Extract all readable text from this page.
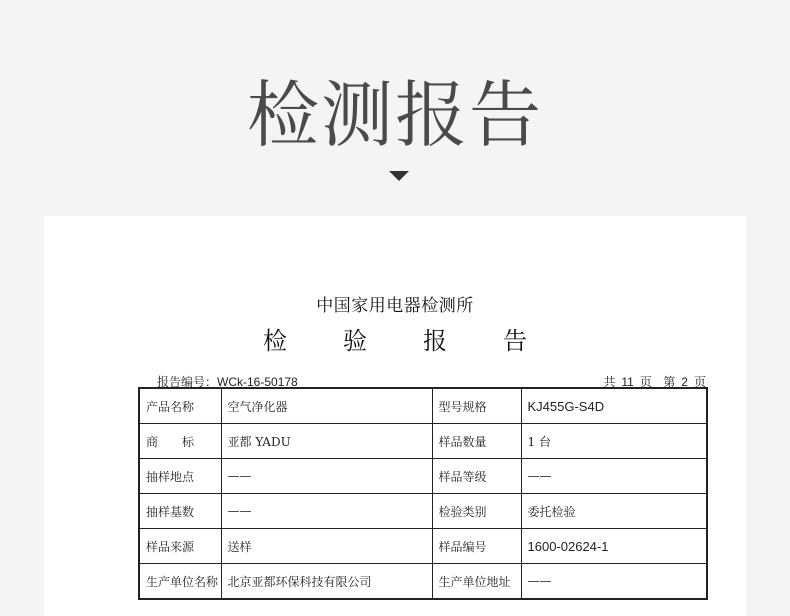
检测报告
中国家用电器检测所
检 验 报 告
报告编号：WCk-16-50178	共 11 页 第 2 页
产品名称	空气净化器	型号规格	KJ455G-S4D
商　　标	亚都 YADU	样品数量	1 台
抽样地点	——	样品等级	——
抽样基数	——	检验类别	委托检验
样品来源	送样	样品编号	1600-02624-1
生产单位名称	北京亚都环保科技有限公司	生产单位地址	——
